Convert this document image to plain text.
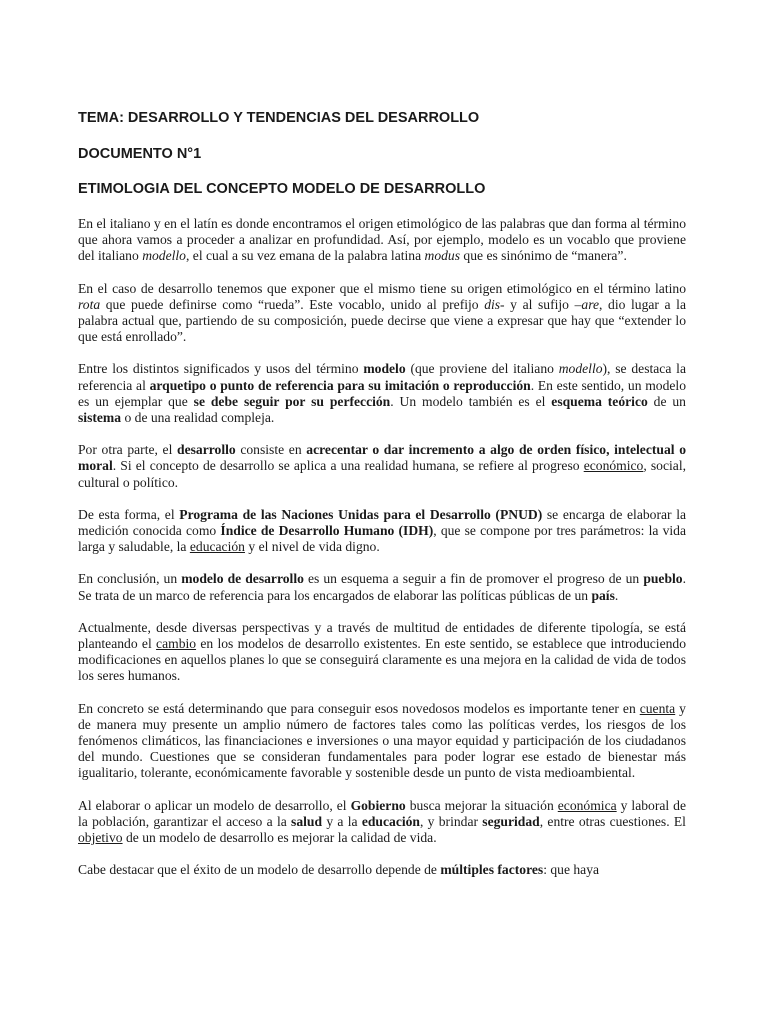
TEMA: DESARROLLO Y TENDENCIAS DEL DESARROLLO
DOCUMENTO N°1
ETIMOLOGIA DEL CONCEPTO MODELO DE DESARROLLO

En el italiano y en el latín es donde encontramos el origen etimológico de las palabras que dan forma al término que ahora vamos a proceder a analizar en profundidad. Así, por ejemplo, modelo es un vocablo que proviene del italiano modello, el cual a su vez emana de la palabra latina modus que es sinónimo de “manera”.

En el caso de desarrollo tenemos que exponer que el mismo tiene su origen etimológico en el término latino rota que puede definirse como “rueda”. Este vocablo, unido al prefijo dis- y al sufijo –are, dio lugar a la palabra actual que, partiendo de su composición, puede decirse que viene a expresar que hay que “extender lo que está enrollado”.

Entre los distintos significados y usos del término modelo (que proviene del italiano modello), se destaca la referencia al arquetipo o punto de referencia para su imitación o reproducción. En este sentido, un modelo es un ejemplar que se debe seguir por su perfección. Un modelo también es el esquema teórico de un sistema o de una realidad compleja.

Por otra parte, el desarrollo consiste en acrecentar o dar incremento a algo de orden físico, intelectual o moral. Si el concepto de desarrollo se aplica a una realidad humana, se refiere al progreso económico, social, cultural o político.

De esta forma, el Programa de las Naciones Unidas para el Desarrollo (PNUD) se encarga de elaborar la medición conocida como Índice de Desarrollo Humano (IDH), que se compone por tres parámetros: la vida larga y saludable, la educación y el nivel de vida digno.

En conclusión, un modelo de desarrollo es un esquema a seguir a fin de promover el progreso de un pueblo. Se trata de un marco de referencia para los encargados de elaborar las políticas públicas de un país.

Actualmente, desde diversas perspectivas y a través de multitud de entidades de diferente tipología, se está planteando el cambio en los modelos de desarrollo existentes. En este sentido, se establece que introduciendo modificaciones en aquellos planes lo que se conseguirá claramente es una mejora en la calidad de vida de todos los seres humanos.

En concreto se está determinando que para conseguir esos novedosos modelos es importante tener en cuenta y de manera muy presente un amplio número de factores tales como las políticas verdes, los riesgos de los fenómenos climáticos, las financiaciones e inversiones o una mayor equidad y participación de los ciudadanos del mundo. Cuestiones que se consideran fundamentales para poder lograr ese estado de bienestar más igualitario, tolerante, económicamente favorable y sostenible desde un punto de vista medioambiental.

Al elaborar o aplicar un modelo de desarrollo, el Gobierno busca mejorar la situación económica y laboral de la población, garantizar el acceso a la salud y a la educación, y brindar seguridad, entre otras cuestiones. El objetivo de un modelo de desarrollo es mejorar la calidad de vida.

Cabe destacar que el éxito de un modelo de desarrollo depende de múltiples factores: que haya
